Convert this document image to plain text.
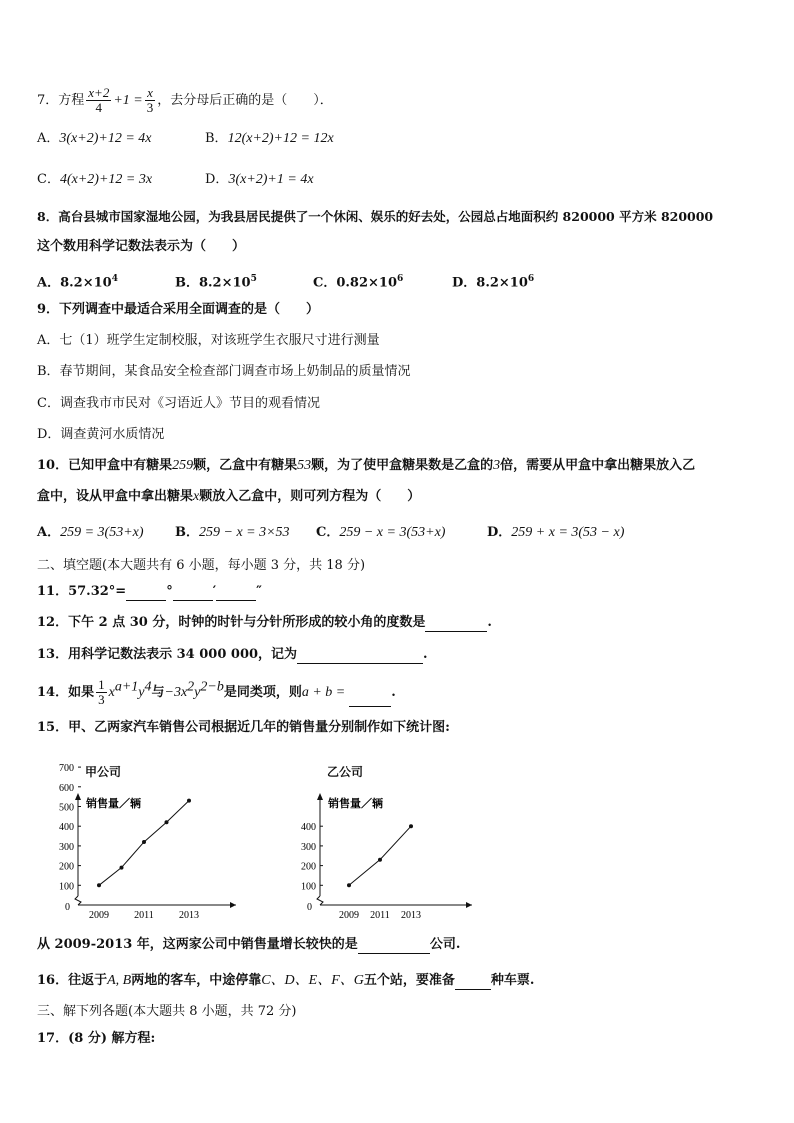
7．方程 $\frac{x+2}{4} +1 = \frac{x}{3}$ ，去分母后正确的是（　　）．
A．3(x+2)+12 = 4x	B．12(x+2)+12 = 12x
C．4(x+2)+12 = 3x	D．3(x+2)+1 = 4x
8．高台县城市国家湿地公园，为我县居民提供了一个休闲、娱乐的好去处，公园总占地面积约 820000 平方米 820000
这个数用科学记数法表示为（　　）
A．$8.2\times 10^4$	B．$8.2\times 10^5$	C．$0.82\times 10^6$	D．$8.2\times 10^6$
9．下列调查中最适合采用全面调查的是（　　）
A．七（1）班学生定制校服，对该班学生衣服尺寸进行测量
B．春节期间，某食品安全检查部门调查市场上奶制品的质量情况
C．调查我市市民对《习语近人》节目的观看情况
D．调查黄河水质情况
10．已知甲盒中有糖果259颗，乙盒中有糖果53颗，为了使甲盒糖果数是乙盒的3倍，需要从甲盒中拿出糖果放入乙
盒中，设从甲盒中拿出糖果x颗放入乙盒中，则可列方程为（　　）
A．259 = 3(53+x) B．259 − x = 3×53 C．259 − x = 3(53+x)	D．259 + x = 3(53 − x)
二、填空题(本大题共有 6 小题，每小题 3 分，共 18 分)
11．57.32°=	°	′	″
12．下午 2 点 30 分，时钟的时针与分针所形成的较小角的度数是	.
13．用科学记数法表示 34 000 000，记为	.
14．如果 $\frac{1}{3} x^{a+1}y^4$与$-3x^2y^{2-b}$是同类项，则a + b =	.
15．甲、乙两家汽车销售公司根据近几年的销售量分别制作如下统计图:
甲公司
销售量／辆
0
100
200
300
400
500
600
700
2009	2011	2013
乙公司
销售量／辆
0
100
200
300
400
2009 2011 2013
从 2009-2013 年，这两家公司中销售量增长较快的是	公司.
16．往返于A, B两地的客车，中途停靠C、D、E、F、G五个站，要准备	种车票.
三、解下列各题(本大题共 8 小题，共 72 分)
17．(8 分) 解方程:
